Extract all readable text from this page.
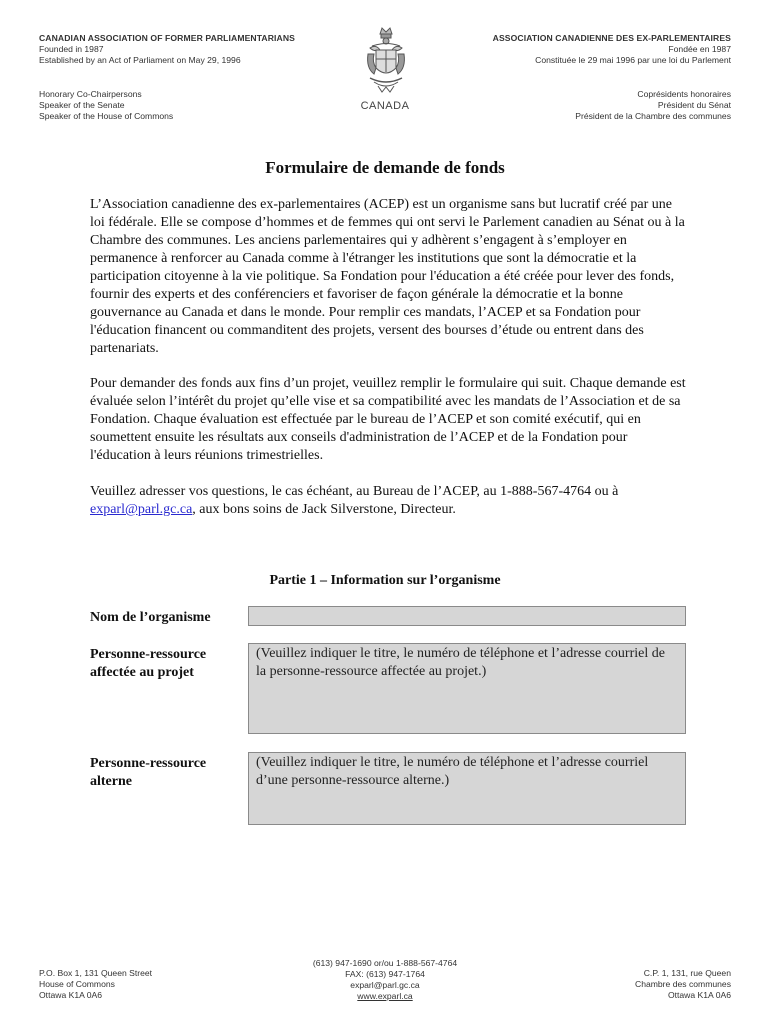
CANADIAN ASSOCIATION OF FORMER PARLIAMENTARIANS
Founded in 1987
Established by an Act of Parliament on May 29, 1996
ASSOCIATION CANADIENNE DES EX-PARLEMENTAIRES
Fondée en 1987
Constituée le 29 mai 1996 par une loi du Parlement
CANADA
Honorary Co-Chairpersons
Speaker of the Senate
Speaker of the House of Commons
Coprésidents honoraires
Président du Sénat
Président de la Chambre des communes
Formulaire de demande de fonds

L’Association canadienne des ex-parlementaires (ACEP) est un organisme sans but lucratif créé par une loi fédérale. Elle se compose d’hommes et de femmes qui ont servi le Parlement canadien au Sénat ou à la Chambre des communes. Les anciens parlementaires qui y adhèrent s’engagent à s’employer en permanence à renforcer au Canada comme à l'étranger les institutions que sont la démocratie et la participation citoyenne à la vie politique. Sa Fondation pour l'éducation a été créée pour lever des fonds, fournir des experts et des conférenciers et favoriser de façon générale la démocratie et la bonne gouvernance au Canada et dans le monde. Pour remplir ces mandats, l’ACEP et sa Fondation pour l'éducation financent ou commanditent des projets, versent des bourses d’étude ou entrent dans des partenariats.

Pour demander des fonds aux fins d’un projet, veuillez remplir le formulaire qui suit. Chaque demande est évaluée selon l’intérêt du projet qu’elle vise et sa compatibilité avec les mandats de l’Association et de sa Fondation. Chaque évaluation est effectuée par le bureau de l’ACEP et son comité exécutif, qui en soumettent ensuite les résultats aux conseils d'administration de l’ACEP et de la Fondation pour l'éducation à leurs réunions trimestrielles.

Veuillez adresser vos questions, le cas échéant, au Bureau de l’ACEP, au 1-888-567-4764 ou à exparl@parl.gc.ca, aux bons soins de Jack Silverstone, Directeur.

Partie 1 – Information sur l’organisme
Nom de l’organisme
Personne-ressource affectée au projet
(Veuillez indiquer le titre, le numéro de téléphone et l’adresse courriel de la personne-ressource affectée au projet.)
Personne-ressource alterne
(Veuillez indiquer le titre, le numéro de téléphone et l’adresse courriel d’une personne-ressource alterne.)
P.O. Box 1, 131 Queen Street
House of Commons
Ottawa K1A 0A6
(613) 947-1690 or/ou 1-888-567-4764
FAX: (613) 947-1764
exparl@parl.gc.ca
www.exparl.ca
C.P. 1, 131, rue Queen
Chambre des communes
Ottawa K1A 0A6
